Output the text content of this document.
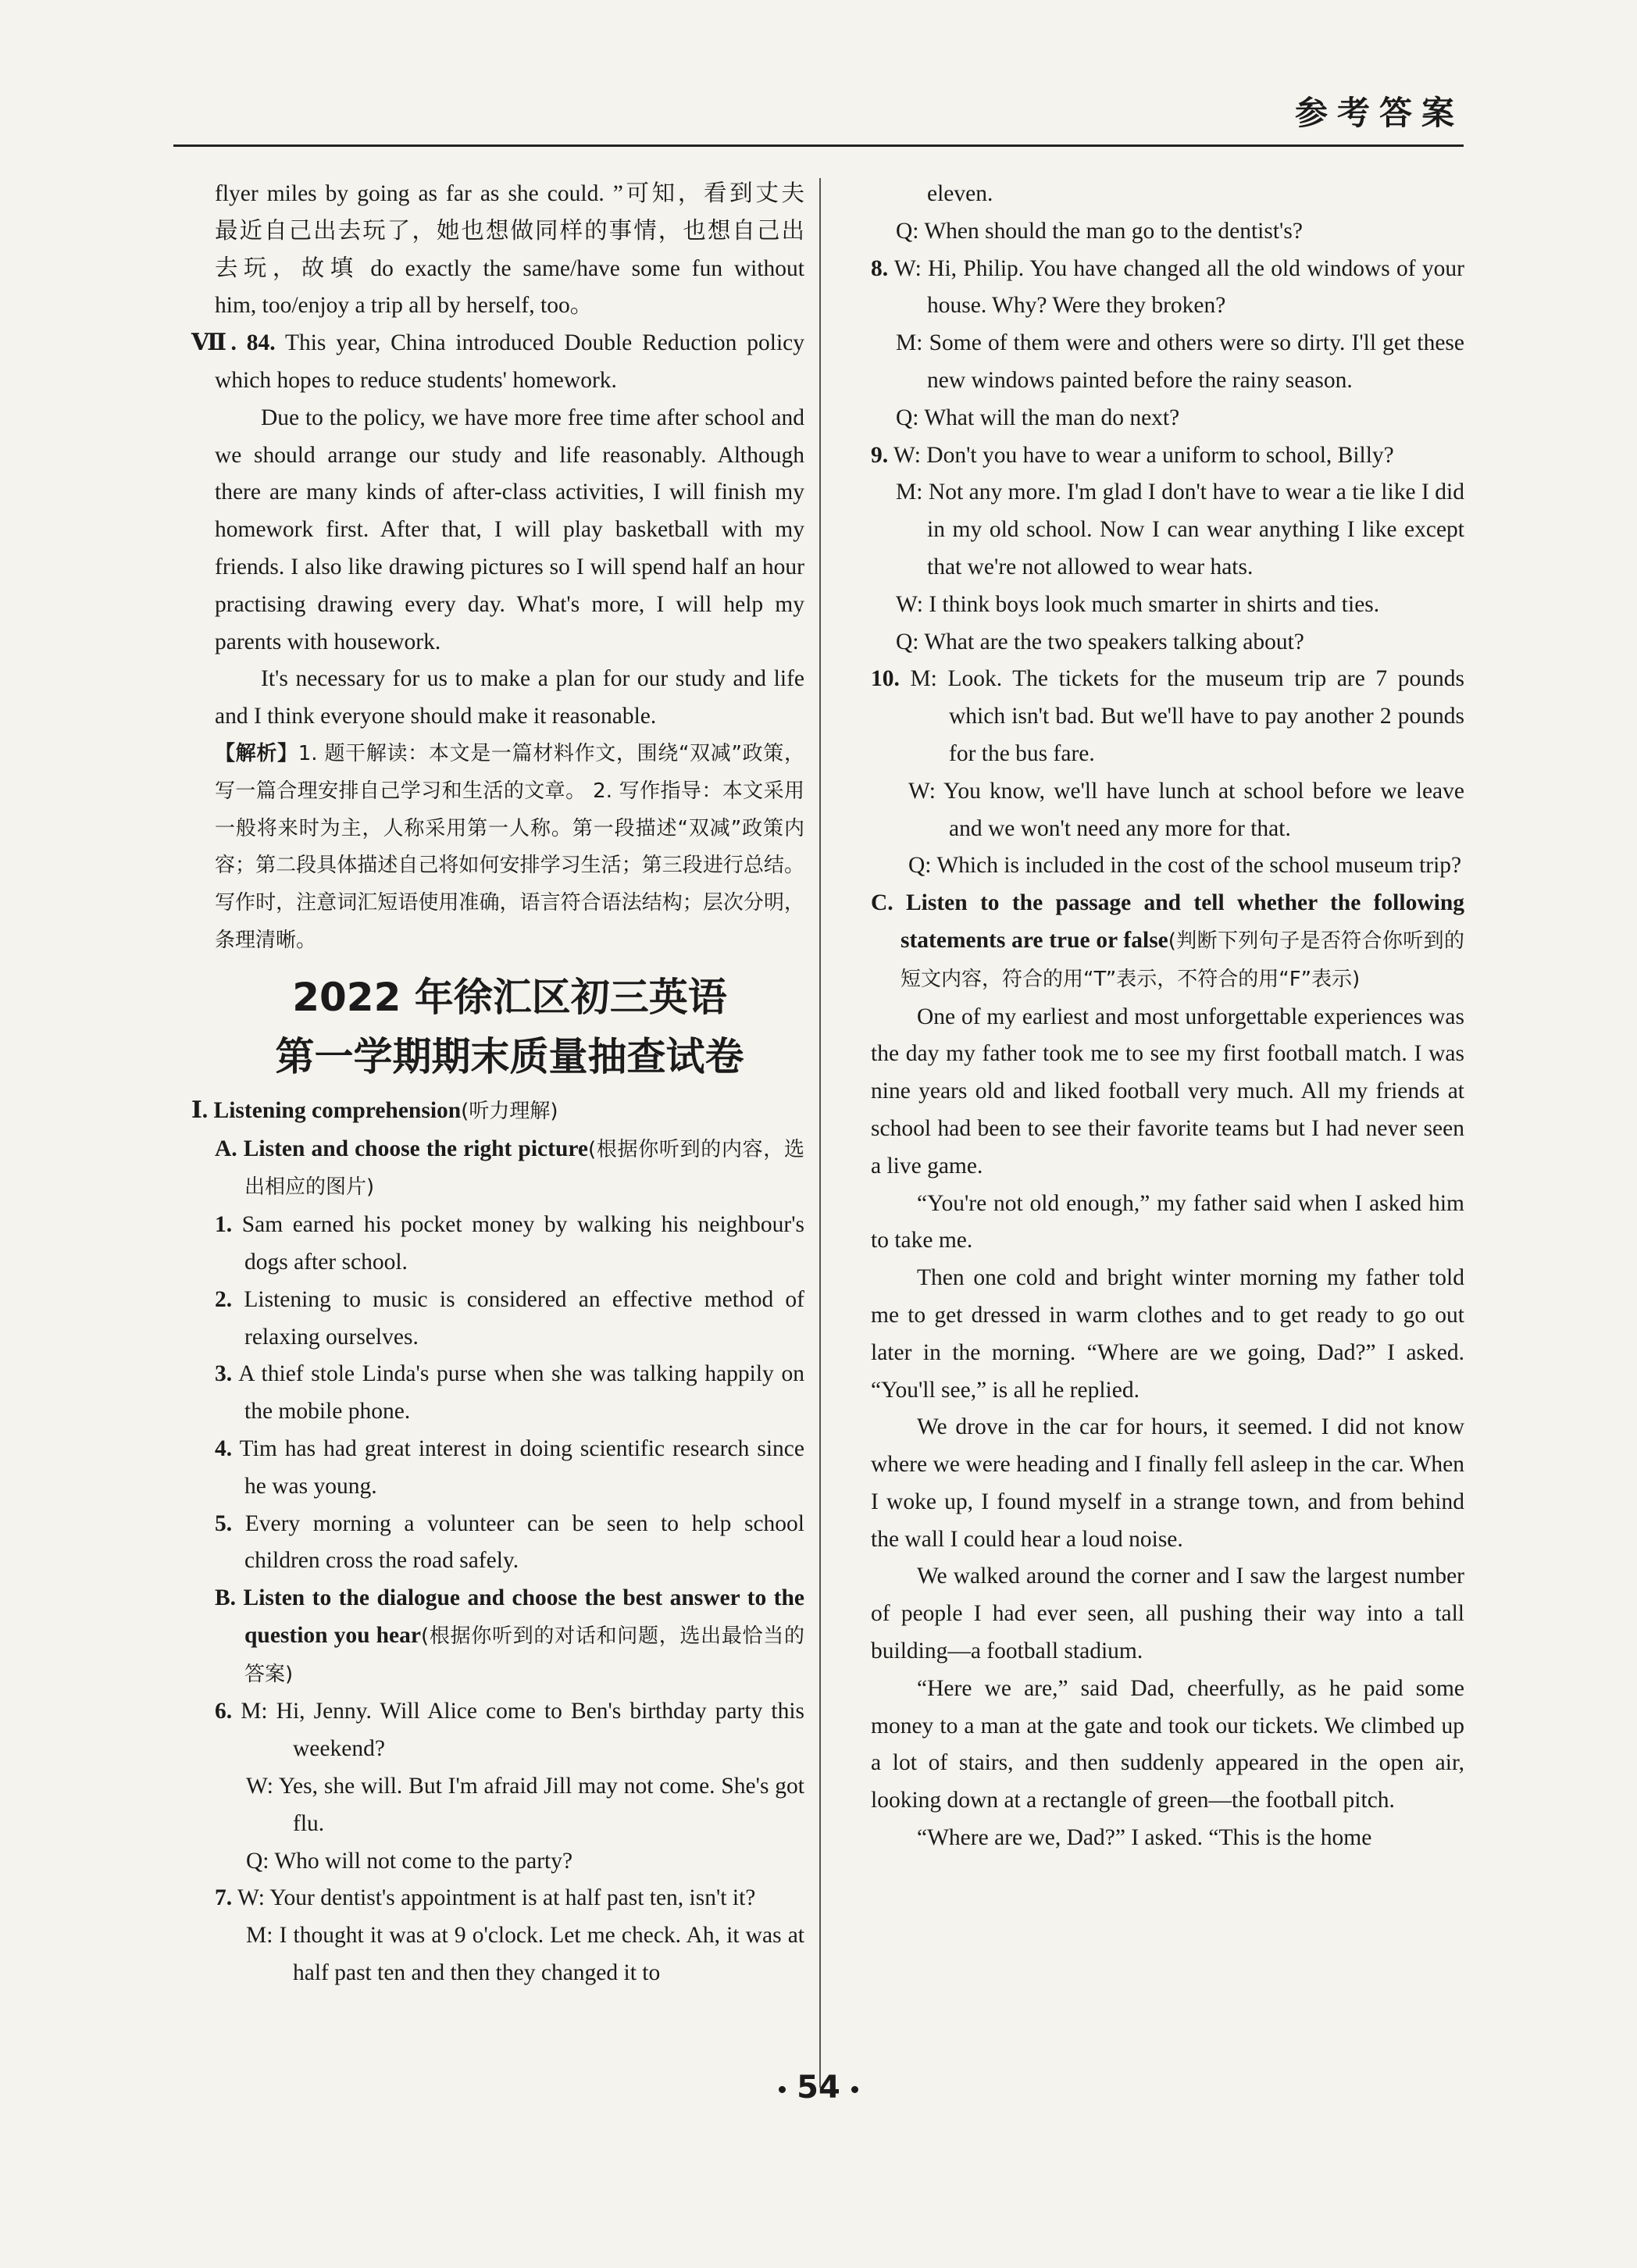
参考答案
flyer miles by going as far as she could. ”可知，看到丈夫
最近自己出去玩了，她也想做同样的事情，也想自己出
去玩，故填 do exactly the same/have some fun without
him, too/enjoy a trip all by herself, too。
Ⅶ. 84. This year, China introduced Double Reduction policy
which hopes to reduce students' homework.
Due to the policy, we have more free time after school and we should arrange our study and life reasonably. Although there are many kinds of after-class activities, I will finish my homework first. After that, I will play basketball with my friends. I also like drawing pictures so I will spend half an hour practising drawing every day. What's more, I will help my parents with housework.
It's necessary for us to make a plan for our study and life and I think everyone should make it reasonable.
【解析】1. 题干解读：本文是一篇材料作文，围绕“双减”政策，写一篇合理安排自己学习和生活的文章。 2. 写作指导：本文采用一般将来时为主，人称采用第一人称。第一段描述“双减”政策内容；第二段具体描述自己将如何安排学习生活；第三段进行总结。写作时，注意词汇短语使用准确，语言符合语法结构；层次分明，条理清晰。
2022 年徐汇区初三英语
第一学期期末质量抽查试卷
Ⅰ. Listening comprehension(听力理解)
A. Listen and choose the right picture(根据你听到的内容，选出相应的图片)
1. Sam earned his pocket money by walking his neighbour's dogs after school.
2. Listening to music is considered an effective method of relaxing ourselves.
3. A thief stole Linda's purse when she was talking happily on the mobile phone.
4. Tim has had great interest in doing scientific research since he was young.
5. Every morning a volunteer can be seen to help school children cross the road safely.
B. Listen to the dialogue and choose the best answer to the question you hear(根据你听到的对话和问题，选出最恰当的答案)
6. M: Hi, Jenny. Will Alice come to Ben's birthday party this weekend?
W: Yes, she will. But I'm afraid Jill may not come. She's got flu.
Q: Who will not come to the party?
7. W: Your dentist's appointment is at half past ten, isn't it?
M: I thought it was at 9 o'clock. Let me check. Ah, it was at half past ten and then they changed it to
eleven.
Q: When should the man go to the dentist's?
8. W: Hi, Philip. You have changed all the old windows of your house. Why? Were they broken?
M: Some of them were and others were so dirty. I'll get these new windows painted before the rainy season.
Q: What will the man do next?
9. W: Don't you have to wear a uniform to school, Billy?
M: Not any more. I'm glad I don't have to wear a tie like I did in my old school. Now I can wear anything I like except that we're not allowed to wear hats.
W: I think boys look much smarter in shirts and ties.
Q: What are the two speakers talking about?
10. M: Look. The tickets for the museum trip are 7 pounds which isn't bad. But we'll have to pay another 2 pounds for the bus fare.
W: You know, we'll have lunch at school before we leave and we won't need any more for that.
Q: Which is included in the cost of the school museum trip?
C. Listen to the passage and tell whether the following statements are true or false(判断下列句子是否符合你听到的短文内容，符合的用“T”表示，不符合的用“F”表示)
One of my earliest and most unforgettable experiences was the day my father took me to see my first football match. I was nine years old and liked football very much. All my friends at school had been to see their favorite teams but I had never seen a live game.
“You're not old enough,” my father said when I asked him to take me.
Then one cold and bright winter morning my father told me to get dressed in warm clothes and to get ready to go out later in the morning. “Where are we going, Dad?” I asked. “You'll see,” is all he replied.
We drove in the car for hours, it seemed. I did not know where we were heading and I finally fell asleep in the car. When I woke up, I found myself in a strange town, and from behind the wall I could hear a loud noise.
We walked around the corner and I saw the largest number of people I had ever seen, all pushing their way into a tall building—a football stadium.
“Here we are,” said Dad, cheerfully, as he paid some money to a man at the gate and took our tickets. We climbed up a lot of stairs, and then suddenly appeared in the open air, looking down at a rectangle of green—the football pitch.
“Where are we, Dad?” I asked. “This is the home
54
